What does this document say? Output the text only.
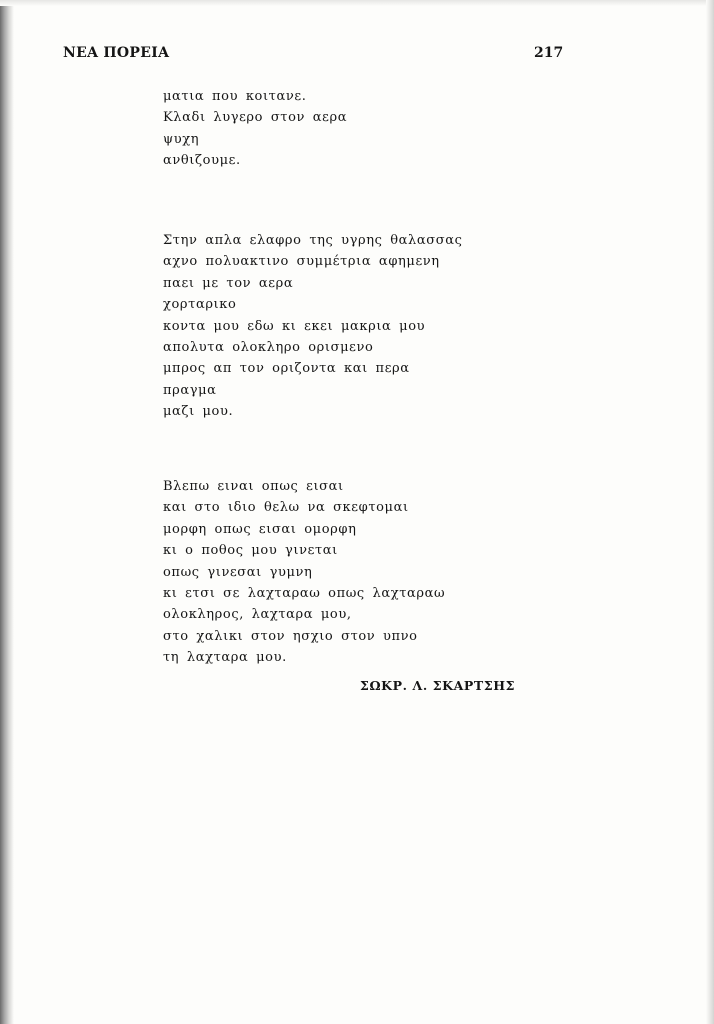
ΝΕΑ ΠΟΡΕΙΑ	217
ματια που κοιτανε.
Κλαδι λυγερο στον αερα
ψυχη
ανθιζουμε.
Στην απλα ελαφρο της υγρης θαλασσας
αχνο πολυακτινο συμμέτρια αφημενη
παει με τον αερα
χορταρικο
κοντα μου εδω κι εκει μακρια μου
απολυτα ολοκληρο ορισμενο
μπρος απ τον οριζοντα και περα
πραγμα
μαζι μου.
Βλεπω ειναι οπως εισαι
και στο ιδιο θελω να σκεφτομαι
μορφη οπως εισαι ομορφη
κι ο ποθος μου γινεται
οπως γινεσαι γυμνη
κι ετσι σε λαχταραω οπως λαχταραω
ολοκληρος, λαχταρα μου,
στο χαλικι στον ησχιο στον υπνο
τη λαχταρα μου.
ΣΩΚΡ. Λ. ΣΚΑΡΤΣΗΣ
